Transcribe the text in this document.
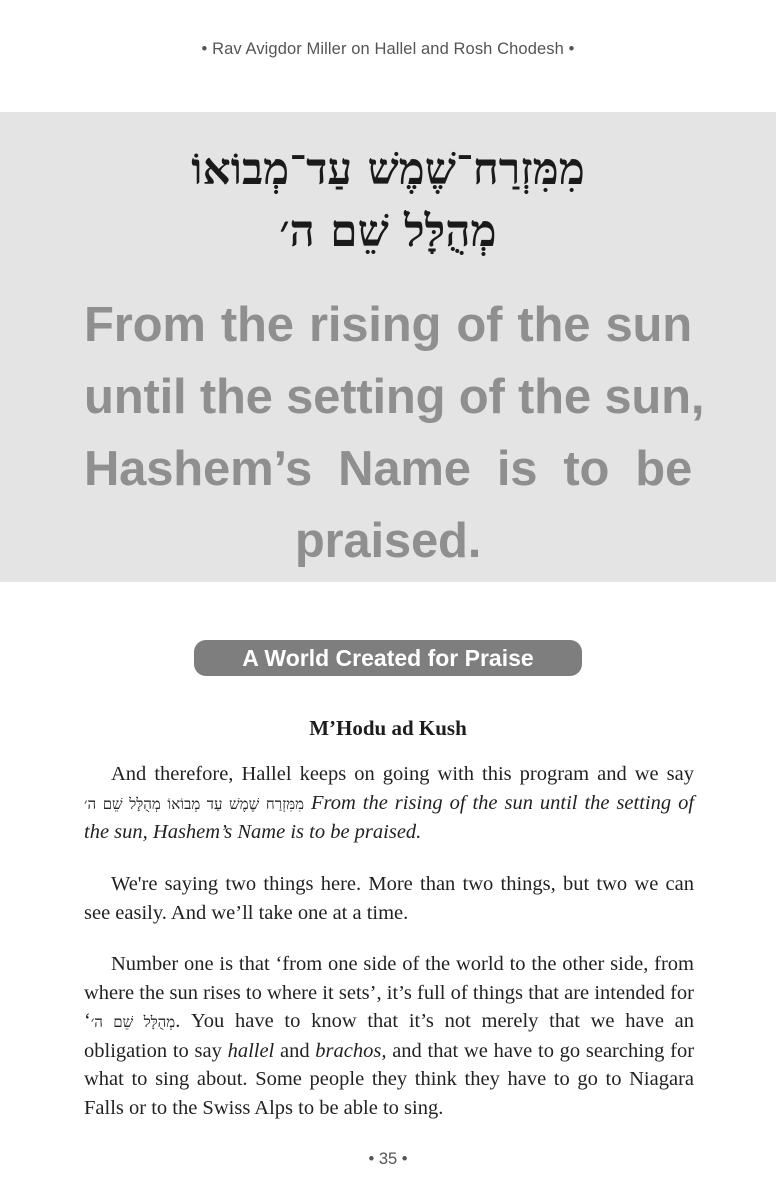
• Rav Avigdor Miller on Hallel and Rosh Chodesh •
מִמִּזְרַח־שֶׁמֶשׁ עַד־מְבוֹאוֹ
מְהֻלָּל שֵׁם ה׳
From the rising of the sun
until the setting of the sun,
Hashem’s Name is to be
praised.
A World Created for Praise
M’Hodu ad Kush
And therefore, Hallel keeps on going with this program and we say מִמִּזְרַח שֶׁמֶשׁ עַד מְבוֹאוֹ מְהֻלָּל שֵׁם ה׳ From the rising of the sun until the setting of the sun, Hashem’s Name is to be praised.
We're saying two things here. More than two things, but two we can see easily. And we’ll take one at a time.
Number one is that ‘from one side of the world to the other side, from where the sun rises to where it sets’, it’s full of things that are intended for ‘מְהֻלָּל שֵׁם ה׳. You have to know that it’s not merely that we have an obligation to say hallel and brachos, and that we have to go searching for what to sing about. Some people they think they have to go to Niagara Falls or to the Swiss Alps to be able to sing.
• 35 •
